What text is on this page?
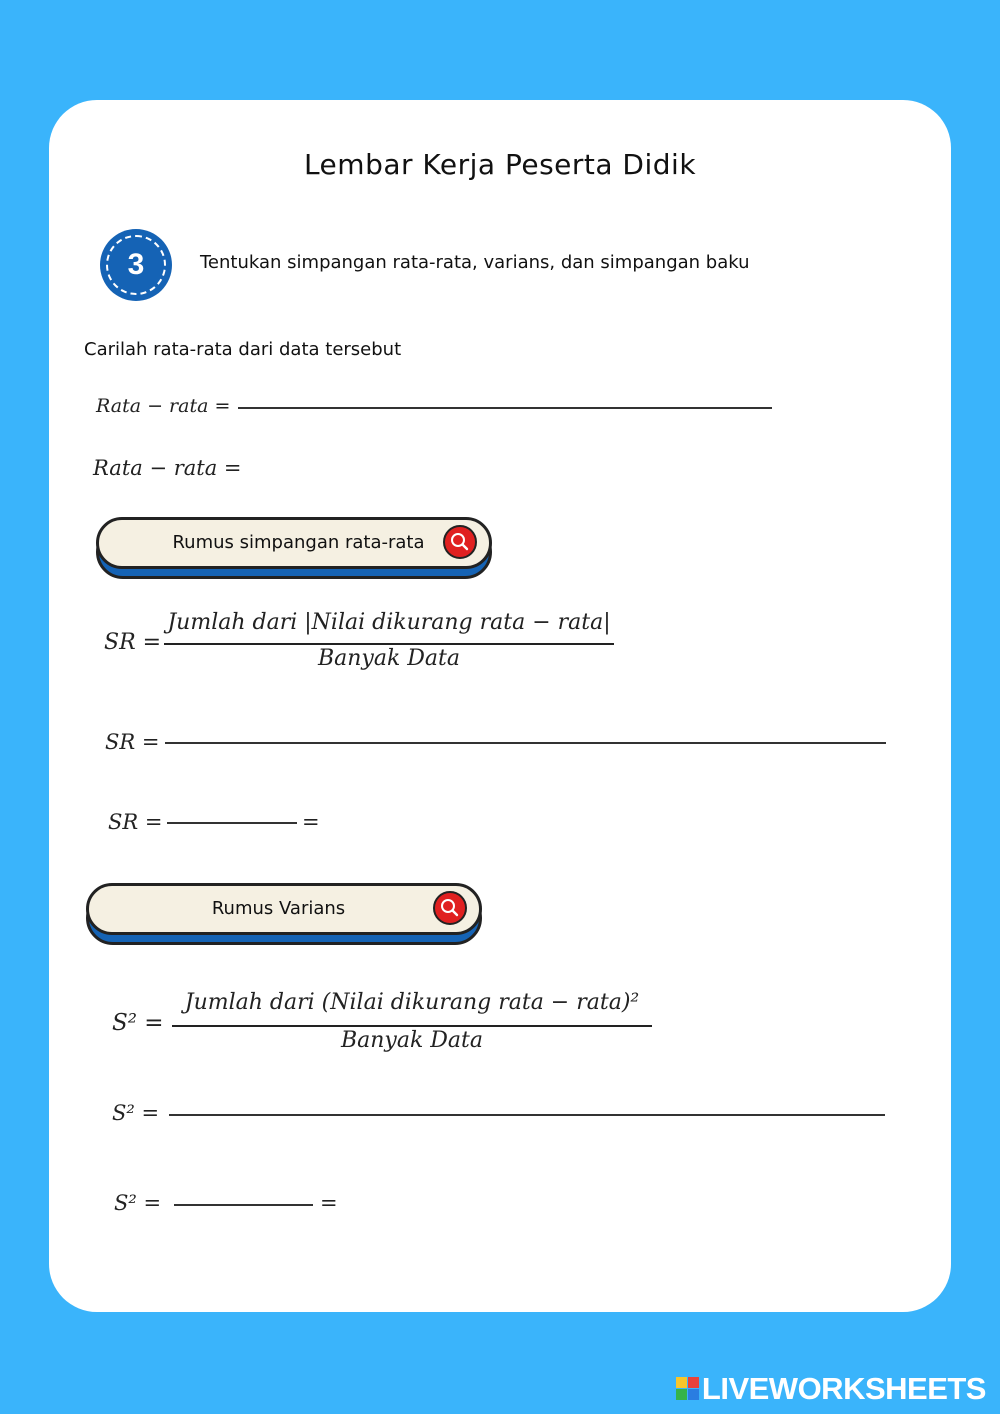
Lembar Kerja Peserta Didik
3	Tentukan simpangan rata-rata, varians, dan simpangan baku
Carilah rata-rata dari data tersebut
Rata − rata =
Rata − rata =
Rumus simpangan rata-rata
SR =
Jumlah dari |Nilai dikurang rata − rata|
Banyak Data
SR =
SR =	=
Rumus Varians
S² =
Jumlah dari (Nilai dikurang rata − rata)²
Banyak Data
S² =
S² =	=
LIVEWORKSHEETS
